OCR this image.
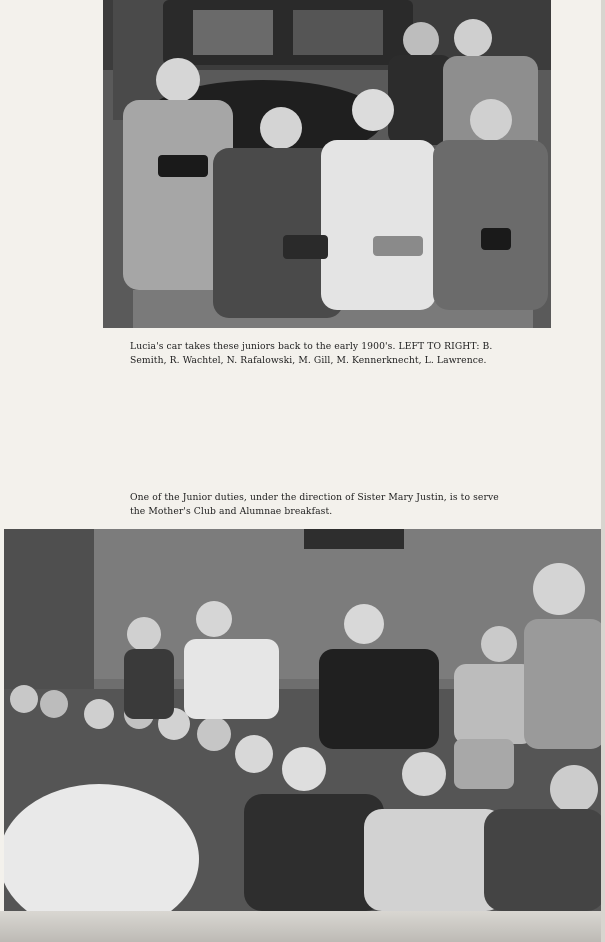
Lucia's car takes these juniors back to the early 1900's. LEFT TO RIGHT: B.
Semith, R. Wachtel, N. Rafalowski, M. Gill, M. Kennerknecht, L. Lawrence.
One of the Junior duties, under the direction of Sister Mary Justin, is to serve
the Mother's Club and Alumnae breakfast.
